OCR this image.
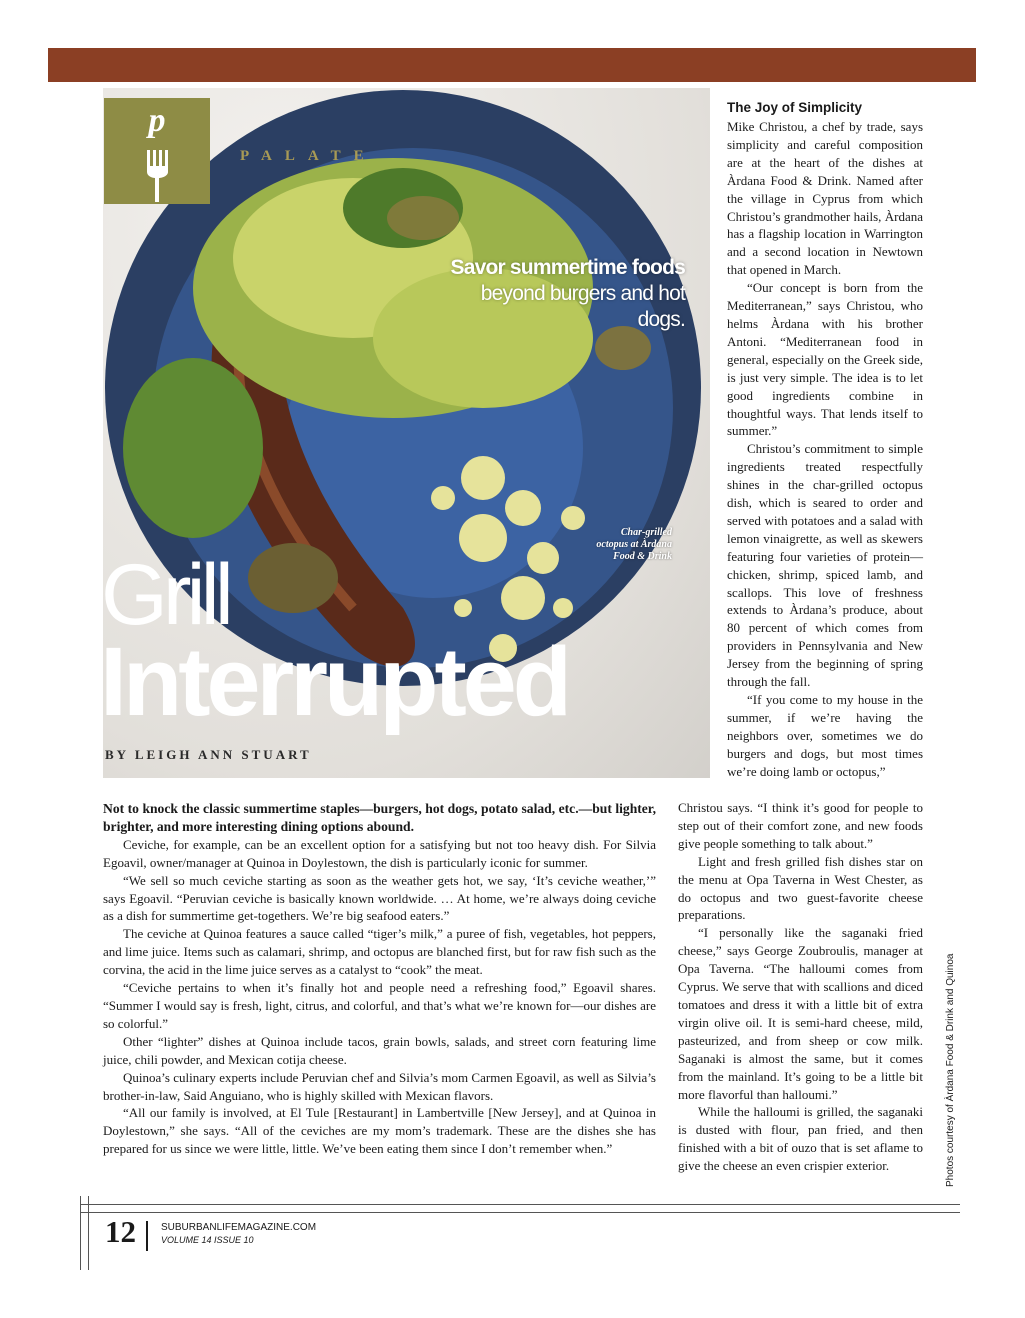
p
PALATE
Savor summertime foods beyond burgers and hot dogs.
Char-grilled
octopus at Àrdana
Food & Drink
Grill
Interrupted
BY LEIGH ANN STUART

Not to knock the classic summertime staples—burgers, hot dogs, potato salad, etc.—but lighter, brighter, and more interesting dining options abound.

Ceviche, for example, can be an excellent option for a satisfying but not too heavy dish. For Silvia Egoavil, owner/manager at Quinoa in Doylestown, the dish is particularly iconic for summer.

“We sell so much ceviche starting as soon as the weather gets hot, we say, ‘It’s ceviche weather,’” says Egoavil. “Peruvian ceviche is basically known worldwide. … At home, we’re always doing ceviche as a dish for summertime get-togethers. We’re big seafood eaters.”

The ceviche at Quinoa features a sauce called “tiger’s milk,” a puree of fish, vegetables, hot peppers, and lime juice. Items such as calamari, shrimp, and octopus are blanched first, but for raw fish such as the corvina, the acid in the lime juice serves as a catalyst to “cook” the meat.

“Ceviche pertains to when it’s finally hot and people need a refreshing food,” Egoavil shares. “Summer I would say is fresh, light, citrus, and colorful, and that’s what we’re known for—our dishes are so colorful.”

Other “lighter” dishes at Quinoa include tacos, grain bowls, salads, and street corn featuring lime juice, chili powder, and Mexican cotija cheese.

Quinoa’s culinary experts include Peruvian chef and Silvia’s mom Carmen Egoavil, as well as Silvia’s brother-in-law, Said Anguiano, who is highly skilled with Mexican flavors.

“All our family is involved, at El Tule [Restaurant] in Lambertville [New Jersey], and at Quinoa in Doylestown,” she says. “All of the ceviches are my mom’s trademark. These are the dishes she has prepared for us since we were little, little. We’ve been eating them since I don’t remember when.”

The Joy of Simplicity

Mike Christou, a chef by trade, says simplicity and careful composition are at the heart of the dishes at Àrdana Food & Drink. Named after the village in Cyprus from which Christou’s grandmother hails, Àrdana has a flagship location in Warrington and a second location in Newtown that opened in March.

“Our concept is born from the Mediterranean,” says Christou, who helms Àrdana with his brother Antoni. “Mediterranean food in general, especially on the Greek side, is just very simple. The idea is to let good ingredients combine in thoughtful ways. That lends itself to summer.”

Christou’s commitment to simple ingredients treated respectfully shines in the char-grilled octopus dish, which is seared to order and served with potatoes and a salad with lemon vinaigrette, as well as skewers featuring four varieties of protein—chicken, shrimp, spiced lamb, and scallops. This love of freshness extends to Àrdana’s produce, about 80 percent of which comes from providers in Pennsylvania and New Jersey from the beginning of spring through the fall.

“If you come to my house in the summer, if we’re having the neighbors over, sometimes we do burgers and dogs, but most times we’re doing lamb or octopus,”

Christou says. “I think it’s good for people to step out of their comfort zone, and new foods give people something to talk about.”

Light and fresh grilled fish dishes star on the menu at Opa Taverna in West Chester, as do octopus and two guest-favorite cheese preparations.

“I personally like the saganaki fried cheese,” says George Zoubroulis, manager at Opa Taverna. “The halloumi comes from Cyprus. We serve that with scallions and diced tomatoes and dress it with a little bit of extra virgin olive oil. It is semi-hard cheese, mild, pasteurized, and from sheep or cow milk. Saganaki is almost the same, but it comes from the mainland. It’s going to be a little bit more flavorful than halloumi.”

While the halloumi is grilled, the saganaki is dusted with flour, pan fried, and then finished with a bit of ouzo that is set aflame to give the cheese an even crispier exterior.	Photos courtesy of Àrdana Food & Drink and Quinoa
12	SUBURBANLIFEMAGAZINE.COM
VOLUME 14 ISSUE 10
